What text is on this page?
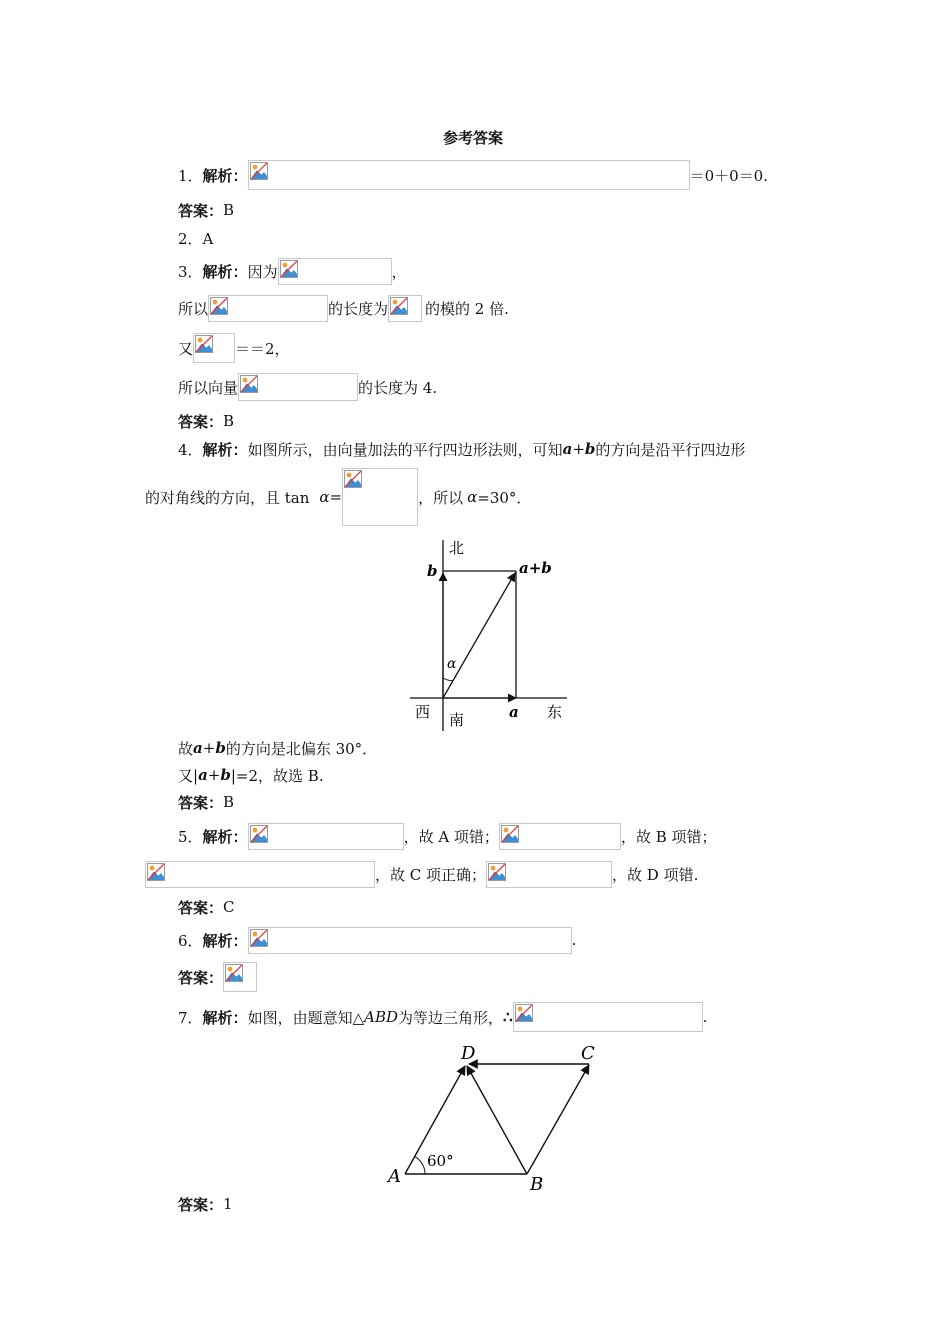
参考答案
1． 解析：	＝0＋0＝0.
答案： B
2．A
3． 解析： 因为	，
所以	的长度为 的模的 2 倍.
又	＝＝2，
所以向量	的长度为 4.
答案： B
4． 解析： 如图所示，由向量加法的平行四边形法则，可知 a + b 的方向是沿平行四边形
的对角线的方向，且 tan α =	，所以 α =30°．
北
南
西	东
a
b	a+b
α
故 a + b 的方向是北偏东 30°．
又| a + b |=2，故选 B.
答案： B
5． 解析：	，故 A 项错；	，故 B 项错；
，故 C 项正确；	，故 D 项错.
答案： C
6． 解析：	.
答案：
7． 解析： 如图，由题意知△ ABD 为等边三角形， ∴	.
A	B
C
D
60°
答案： 1
